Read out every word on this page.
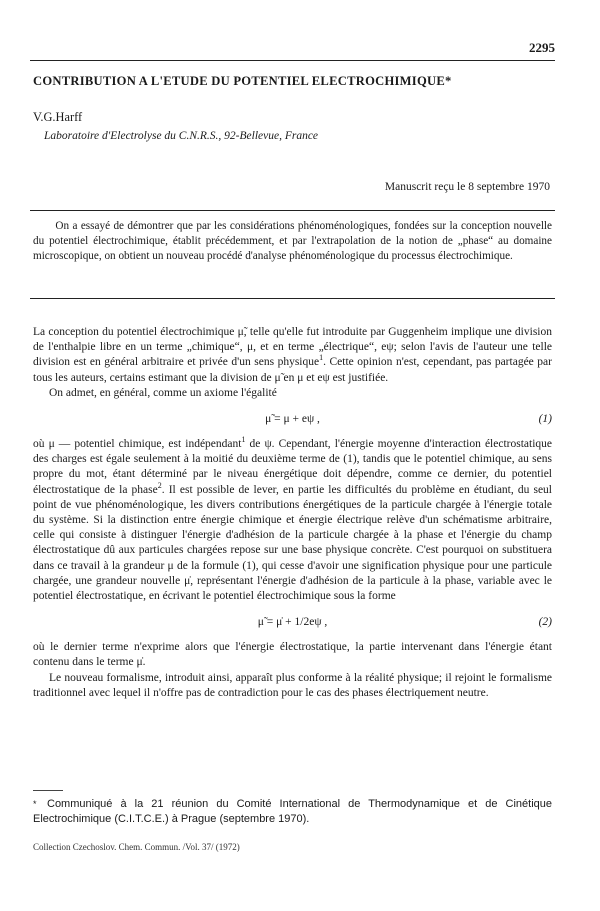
2295
CONTRIBUTION A L'ETUDE DU POTENTIEL ELECTROCHIMIQUE*
V.G.Harff
Laboratoire d'Electrolyse du C.N.R.S., 92-Bellevue, France
Manuscrit reçu le 8 septembre 1970
On a essayé de démontrer que par les considérations phénoménologiques, fondées sur la conception nouvelle du potentiel électrochimique, établit précédemment, et par l'extrapolation de la notion de „phase“ au domaine microscopique, on obtient un nouveau procédé d'analyse phénoménologique du processus électrochimique.

La conception du potentiel électrochimique μ̃, telle qu'elle fut introduite par Guggenheim implique une division de l'enthalpie libre en un terme „chimique“, μ, et en terme „électrique“, eψ; selon l'avis de l'auteur une telle division est en général arbitraire et privée d'un sens physique$^1$. Cette opinion n'est, cependant, pas partagée par tous les auteurs, certains estimant que la division de μ̃ en μ et eψ est justifiée.

On admet, en général, comme un axiome l'égalité

μ̃ = μ + eψ ,	(1)

où μ — potentiel chimique, est indépendant$^1$ de ψ. Cependant, l'énergie moyenne d'interaction électrostatique des charges est égale seulement à la moitié du deuxième terme de (1), tandis que le potentiel chimique, au sens propre du mot, étant déterminé par le niveau énergétique doit dépendre, comme ce dernier, du potentiel électrostatique de la phase$^2$. Il est possible de lever, en partie les difficultés du problème en étudiant, du seul point de vue phénoménologique, les divers contributions énergétiques de la particule chargée à l'énergie totale du système. Si la distinction entre énergie chimique et énergie électrique relève d'un schématisme arbitraire, celle qui consiste à distinguer l'énergie d'adhésion de la particule chargée à la phase et l'énergie du champ électrostatique dû aux particules chargées repose sur une base physique concrète. C'est pourquoi on substituera dans ce travail à la grandeur μ de la formule (1), qui cesse d'avoir une signification physique pour une particule chargée, une grandeur nouvelle μ̇, représentant l'énergie d'adhésion de la particule à la phase, variable avec le potentiel électrostatique, en écrivant le potentiel électrochimique sous la forme

μ̃ = μ̇ + 1/2eψ ,	(2)

où le dernier terme n'exprime alors que l'énergie électrostatique, la partie intervenant dans l'énergie étant contenu dans le terme μ̇.

Le nouveau formalisme, introduit ainsi, apparaît plus conforme à la réalité physique; il rejoint le formalisme traditionnel avec lequel il n'offre pas de contradiction pour le cas des phases électriquement neutre.

* Communiqué à la 21 réunion du Comité International de Thermodynamique et de Cinétique Electrochimique (C.I.T.C.E.) à Prague (septembre 1970).
Collection Czechoslov. Chem. Commun. /Vol. 37/ (1972)
